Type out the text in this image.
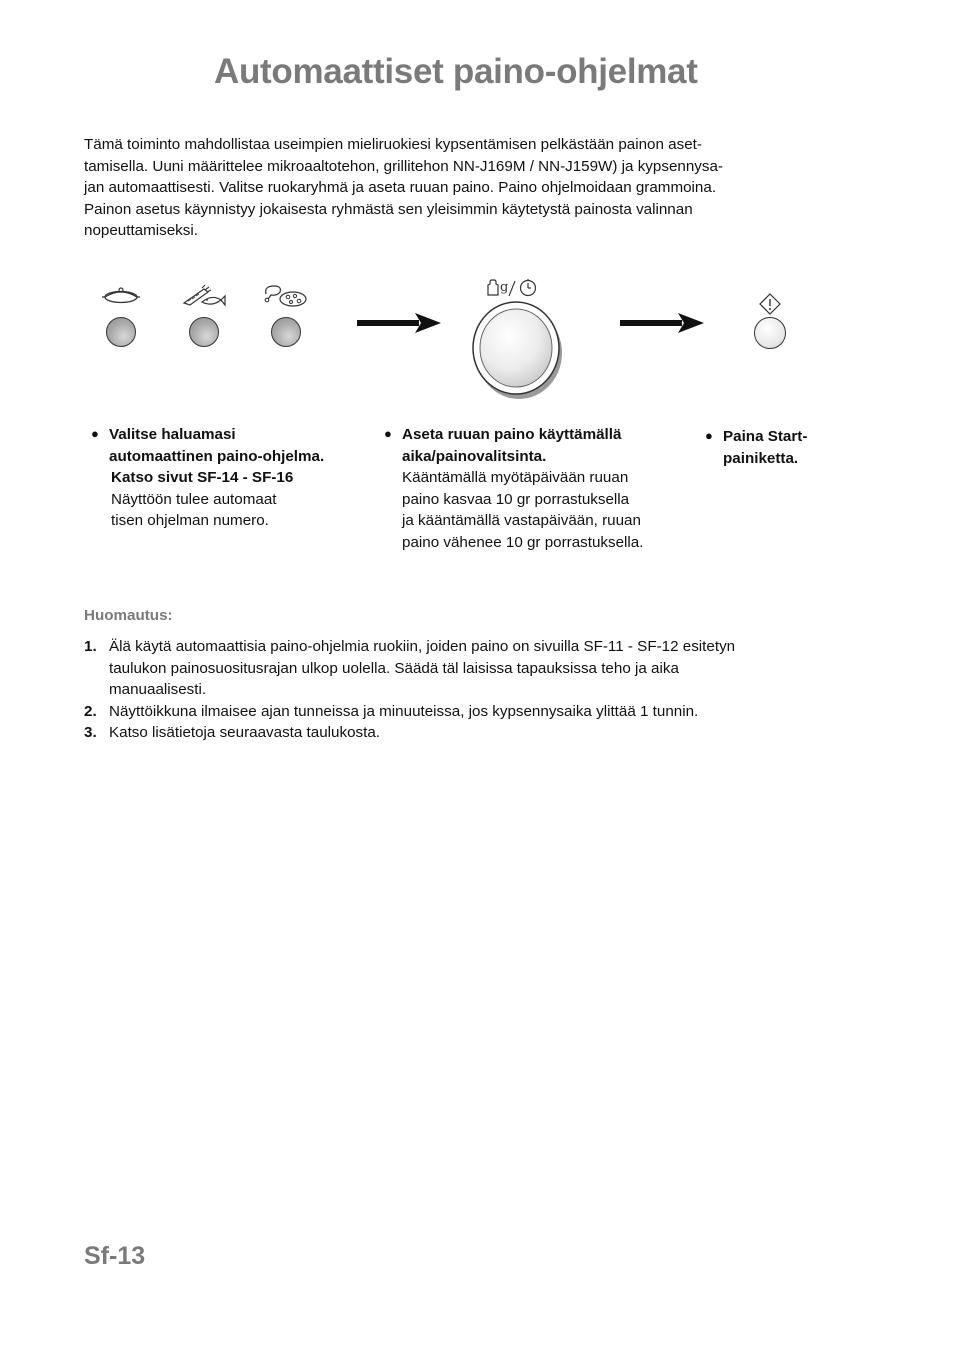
Automaattiset paino-ohjelmat

Tämä toiminto mahdollistaa useimpien mieliruokiesi kypsentämisen pelkästään painon aset-
tamisella. Uuni määrittelee mikroaaltotehon, grillitehon NN-J169M / NN-J159W) ja kypsennysa-
jan automaattisesti. Valitse ruokaryhmä ja aseta ruuan paino. Paino ohjelmoidaan grammoina.
Painon asetus käynnistyy jokaisesta ryhmästä sen yleisimmin käytetystä painosta valinnan
nopeuttamiseksi.

g
● Valitse haluamasi
automaattinen paino-ohjelma.
Katso sivut SF-14 - SF-16
Näyttöön tulee automaat
tisen ohjelman numero.
● Aseta ruuan paino käyttämällä
aika/painovalitsinta.
Kääntämällä myötäpäivään ruuan
paino kasvaa 10 gr porrastuksella
ja kääntämällä vastapäivään, ruuan
paino vähenee 10 gr porrastuksella.
● Paina Start-
painiketta.
Huomautus:
1. Älä käytä automaattisia paino-ohjelmia ruokiin, joiden paino on sivuilla SF-11 - SF-12 esitetyn
taulukon painosuositusrajan ulkop uolella. Säädä täl laisissa tapauksissa teho ja aika
manuaalisesti.
2. Näyttöikkuna ilmaisee ajan tunneissa ja minuuteissa, jos kypsennysaika ylittää 1 tunnin.
3. Katso lisätietoja seuraavasta taulukosta.
Sf-13
